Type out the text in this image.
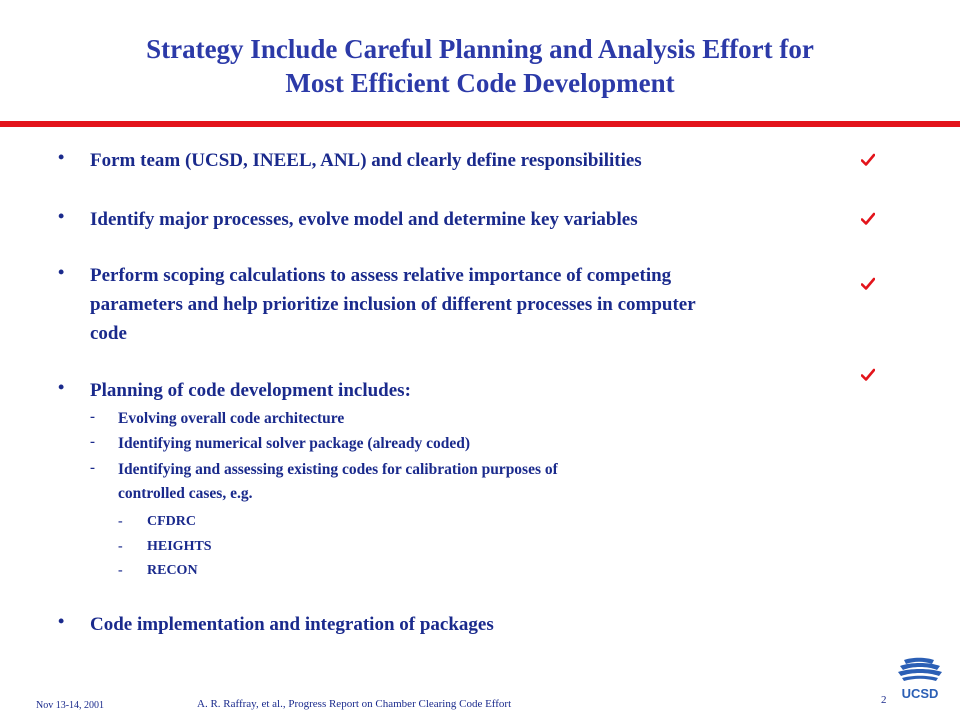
Strategy Include Careful Planning and Analysis Effort for
Most Efficient Code Development
• Form team (UCSD, INEEL, ANL) and clearly define responsibilities
• Identify major processes, evolve model and determine key variables
• Perform scoping calculations to assess relative importance of competing
parameters and help prioritize inclusion of different processes in computer
code
• Planning of code development includes:
- Evolving overall code architecture
- Identifying numerical solver package (already coded)
- Identifying and assessing existing codes for calibration purposes of
controlled cases, e.g.
- CFDRC
- HEIGHTS
- RECON
• Code implementation and integration of packages
Nov 13-14, 2001	A. R. Raffray, et al., Progress Report on Chamber Clearing Code Effort	2 UCSD
